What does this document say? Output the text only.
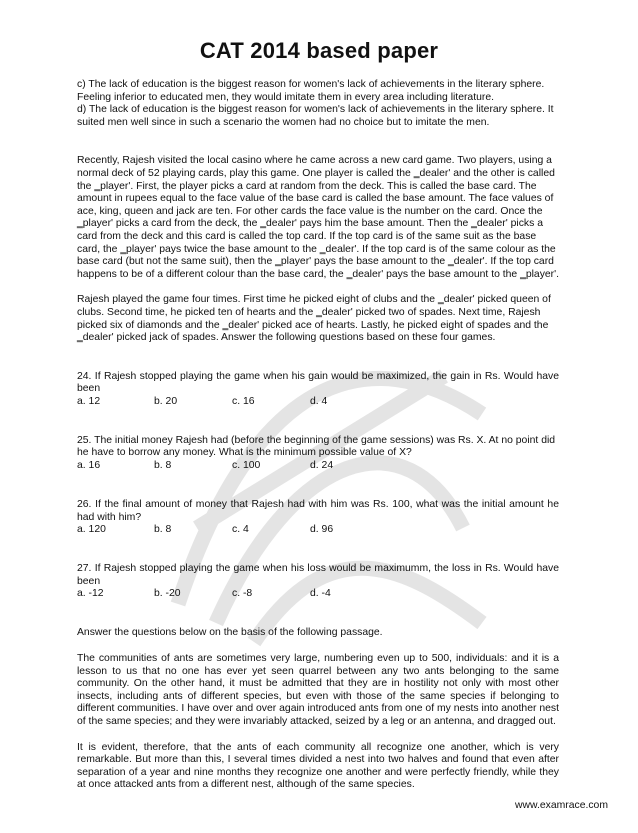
CAT 2014 based paper

c) The lack of education is the biggest reason for women's lack of achievements in the literary sphere. Feeling inferior to educated men, they would imitate them in every area including literature.

d) The lack of education is the biggest reason for women's lack of achievements in the literary sphere. It suited men well since in such a scenario the women had no choice but to imitate the men.

Recently, Rajesh visited the local casino where he came across a new card game. Two players, using a normal deck of 52 playing cards, play this game. One player is called the ‗dealer' and the other is called the ‗player'. First, the player picks a card at random from the deck. This is called the base card. The amount in rupees equal to the face value of the base card is called the base amount. The face values of ace, king, queen and jack are ten. For other cards the face value is the number on the card. Once the ‗player' picks a card from the deck, the ‗dealer' pays him the base amount. Then the ‗dealer' picks a card from the deck and this card is called the top card. If the top card is of the same suit as the base card, the ‗player' pays twice the base amount to the ‗dealer'. If the top card is of the same colour as the base card (but not the same suit), then the ‗player' pays the base amount to the ‗dealer'. If the top card happens to be of a different colour than the base card, the ‗dealer' pays the base amount to the ‗player'.

Rajesh played the game four times. First time he picked eight of clubs and the ‗dealer' picked queen of clubs. Second time, he picked ten of hearts and the ‗dealer' picked two of spades. Next time, Rajesh picked six of diamonds and the ‗dealer' picked ace of hearts. Lastly, he picked eight of spades and the ‗dealer' picked jack of spades. Answer the following questions based on these four games.

24. If Rajesh stopped playing the game when his gain would be maximized, the gain in Rs. Would have been

a. 12	b. 20	c. 16	d. 4

25. The initial money Rajesh had (before the beginning of the game sessions) was Rs. X. At no point did he have to borrow any money. What is the minimum possible value of X?

a. 16	b. 8	c. 100	d. 24

26. If the final amount of money that Rajesh had with him was Rs. 100, what was the initial amount he had with him?

a. 120	b. 8	c. 4	d. 96

27. If Rajesh stopped playing the game when his loss would be maximumm, the loss in Rs. Would have been

a. -12	b. -20	c. -8	d. -4

Answer the questions below on the basis of the following passage.

The communities of ants are sometimes very large, numbering even up to 500, individuals: and it is a lesson to us that no one has ever yet seen quarrel between any two ants belonging to the same community. On the other hand, it must be admitted that they are in hostility not only with most other insects, including ants of different species, but even with those of the same species if belonging to different communities. I have over and over again introduced ants from one of my nests into another nest of the same species; and they were invariably attacked, seized by a leg or an antenna, and dragged out.

It is evident, therefore, that the ants of each community all recognize one another, which is very remarkable. But more than this, I several times divided a nest into two halves and found that even after separation of a year and nine months they recognize one another and were perfectly friendly, while they at once attacked ants from a different nest, although of the same species.

www.examrace.com
